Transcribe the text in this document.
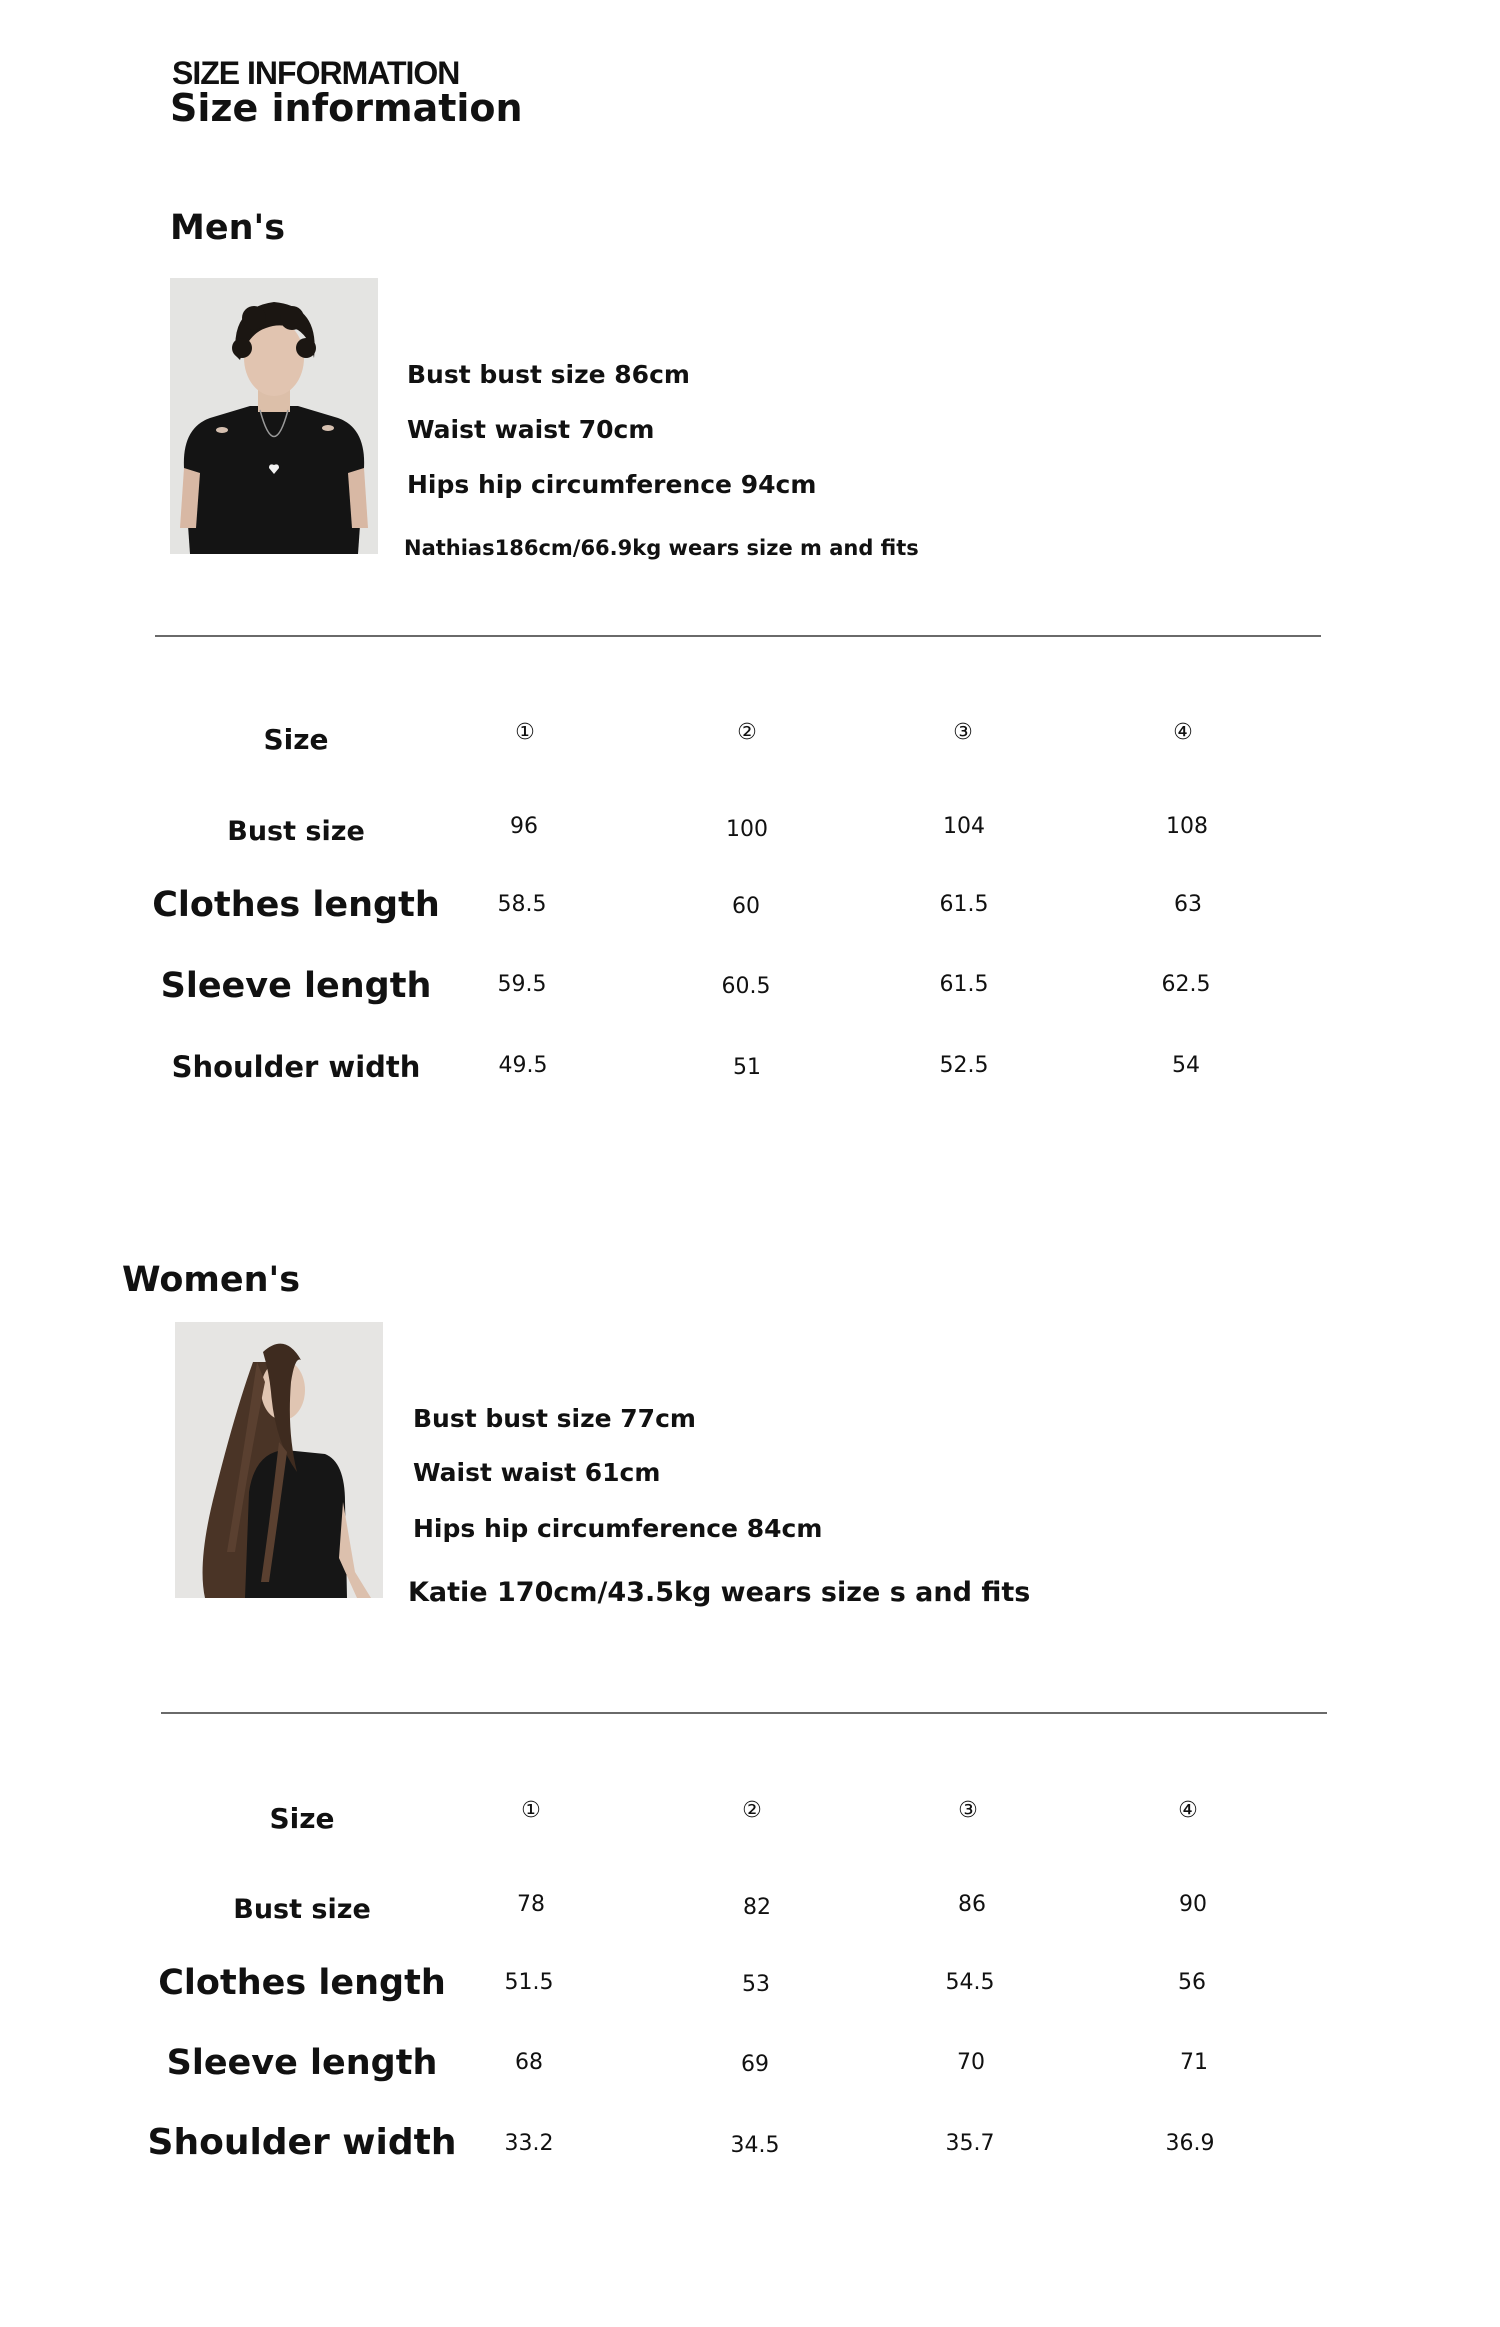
SIZE INFORMATION
Size information
Men's
Bust bust size 86cm
Waist waist 70cm
Hips hip circumference 94cm
Nathias186cm/66.9kg wears size m and fits
Size	①	②	③	④
Bust size	96	100	104	108
Clothes length	58.5	60	61.5	63
Sleeve length	59.5	60.5	61.5	62.5
Shoulder width	49.5	51	52.5	54
Women's
Bust bust size 77cm
Waist waist 61cm
Hips hip circumference 84cm
Katie 170cm/43.5kg wears size s and fits
Size	①	②	③	④
Bust size	78	82	86	90
Clothes length	51.5	53	54.5	56
Sleeve length	68	69	70	71
Shoulder width 33.2	34.5	35.7	36.9
